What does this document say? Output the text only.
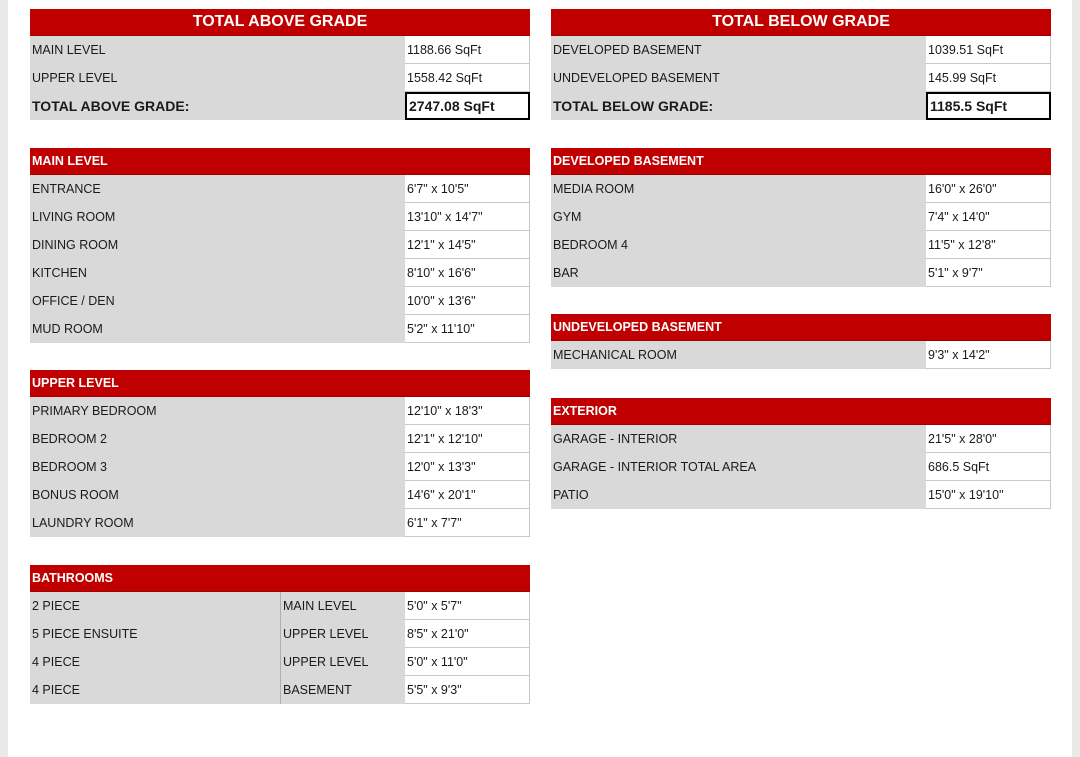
TOTAL ABOVE GRADE
MAIN LEVEL	1188.66 SqFt
UPPER LEVEL	1558.42 SqFt
TOTAL ABOVE GRADE:	2747.08 SqFt
TOTAL BELOW GRADE
DEVELOPED BASEMENT	1039.51 SqFt
UNDEVELOPED BASEMENT	145.99 SqFt
TOTAL BELOW GRADE:	1185.5 SqFt
MAIN LEVEL
ENTRANCE	6'7" x 10'5"
LIVING ROOM	13'10" x 14'7"
DINING ROOM	12'1" x 14'5"
KITCHEN	8'10" x 16'6"
OFFICE / DEN	10'0" x 13'6"
MUD ROOM	5'2" x 11'10"
UPPER LEVEL
PRIMARY BEDROOM	12'10" x 18'3"
BEDROOM 2	12'1" x 12'10"
BEDROOM 3	12'0" x 13'3"
BONUS ROOM	14'6" x 20'1"
LAUNDRY ROOM	6'1" x 7'7"
BATHROOMS
2 PIECE	MAIN LEVEL	5'0" x 5'7"
5 PIECE ENSUITE	UPPER LEVEL	8'5" x 21'0"
4 PIECE	UPPER LEVEL	5'0" x 11'0"
4 PIECE	BASEMENT	5'5" x 9'3"
DEVELOPED BASEMENT
MEDIA ROOM	16'0" x 26'0"
GYM	7'4" x 14'0"
BEDROOM 4	11'5" x 12'8"
BAR	5'1" x 9'7"
UNDEVELOPED BASEMENT
MECHANICAL ROOM	9'3" x 14'2"
EXTERIOR
GARAGE - INTERIOR	21'5" x 28'0"
GARAGE - INTERIOR TOTAL AREA	686.5 SqFt
PATIO	15'0" x 19'10"
